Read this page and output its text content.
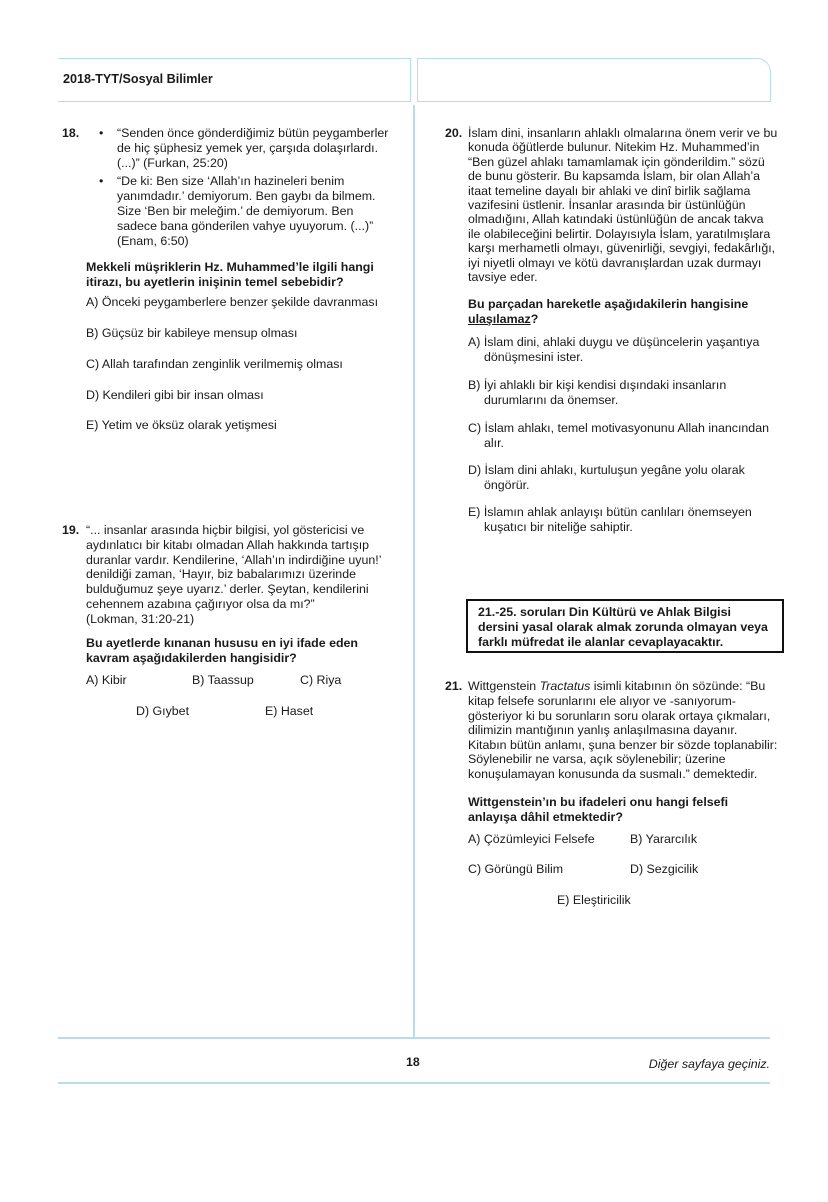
2018-TYT/Sosyal Bilimler
18. •
•
“Senden önce gönderdiğimiz bütün peygamberler
de hiç şüphesiz yemek yer, çarşıda dolaşırlardı.
(...)” (Furkan, 25:20)
“De ki: Ben size ‘Allah’ın hazineleri benim
yanımdadır.’ demiyorum. Ben gaybı da bilmem.
Size ‘Ben bir meleğim.’ de demiyorum. Ben
sadece bana gönderilen vahye uyuyorum. (...)”
(Enam, 6:50)
Mekkeli müşriklerin Hz. Muhammed’le ilgili hangi
itirazı, bu ayetlerin inişinin temel sebebidir?
A) Önceki peygamberlere benzer şekilde davranması
B) Güçsüz bir kabileye mensup olması
C) Allah tarafından zenginlik verilmemiş olması
D) Kendileri gibi bir insan olması
E) Yetim ve öksüz olarak yetişmesi
19. “... insanlar arasında hiçbir bilgisi, yol göstericisi ve
aydınlatıcı bir kitabı olmadan Allah hakkında tartışıp
duranlar vardır. Kendilerine, ‘Allah’ın indirdiğine uyun!’
denildiği zaman, ‘Hayır, biz babalarımızı üzerinde
bulduğumuz şeye uyarız.’ derler. Şeytan, kendilerini
cehennem azabına çağırıyor olsa da mı?”
(Lokman, 31:20-21)
Bu ayetlerde kınanan hususu en iyi ifade eden
kavram aşağıdakilerden hangisidir?
A) Kibir	B) Taassup	C) Riya
D) Gıybet	E) Haset
20. İslam dini, insanların ahlaklı olmalarına önem verir ve bu
konuda öğütlerde bulunur. Nitekim Hz. Muhammed’in
“Ben güzel ahlakı tamamlamak için gönderildim.” sözü
de bunu gösterir. Bu kapsamda İslam, bir olan Allah’a
itaat temeline dayalı bir ahlaki ve dinî birlik sağlama
vazifesini üstlenir. İnsanlar arasında bir üstünlüğün
olmadığını, Allah katındaki üstünlüğün de ancak takva
ile olabileceğini belirtir. Dolayısıyla İslam, yaratılmışlara
karşı merhametli olmayı, güvenirliği, sevgiyi, fedakârlığı,
iyi niyetli olmayı ve kötü davranışlardan uzak durmayı
tavsiye eder.
A) İslam dini, ahlaki duygu ve düşüncelerin yaşantıya
dönüşmesini ister.
B) İyi ahlaklı bir kişi kendisi dışındaki insanların
durumlarını da önemser.
C) İslam ahlakı, temel motivasyonunu Allah inancından
alır.
D) İslam dini ahlakı, kurtuluşun yegâne yolu olarak
öngörür.
E) İslamın ahlak anlayışı bütün canlıları önemseyen
kuşatıcı bir niteliğe sahiptir.
21.-25. soruları Din Kültürü ve Ahlak Bilgisi
dersini yasal olarak almak zorunda olmayan veya
farklı müfredat ile alanlar cevaplayacaktır.
21.
kitap felsefe sorunlarını ele alıyor ve -sanıyorum-
gösteriyor ki bu sorunların soru olarak ortaya çıkmaları,
dilimizin mantığının yanlış anlaşılmasına dayanır.
Kitabın bütün anlamı, şuna benzer bir sözde toplanabilir:
Söylenebilir ne varsa, açık söylenebilir; üzerine
konuşulamayan konusunda da susmalı.” demektedir.
Wittgenstein’ın bu ifadeleri onu hangi felsefi
anlayışa dâhil etmektedir?
A) Çözümleyici Felsefe	B) Yararcılık
C) Görüngü Bilim	D) Sezgicilik
E) Eleştiricilik
Bu parçadan hareketle aşağıdakilerin hangisine
ulaşılamaz?
Wittgenstein Tractatus isimli kitabının ön sözünde: “Bu
18	Diğer sayfaya geçiniz.
